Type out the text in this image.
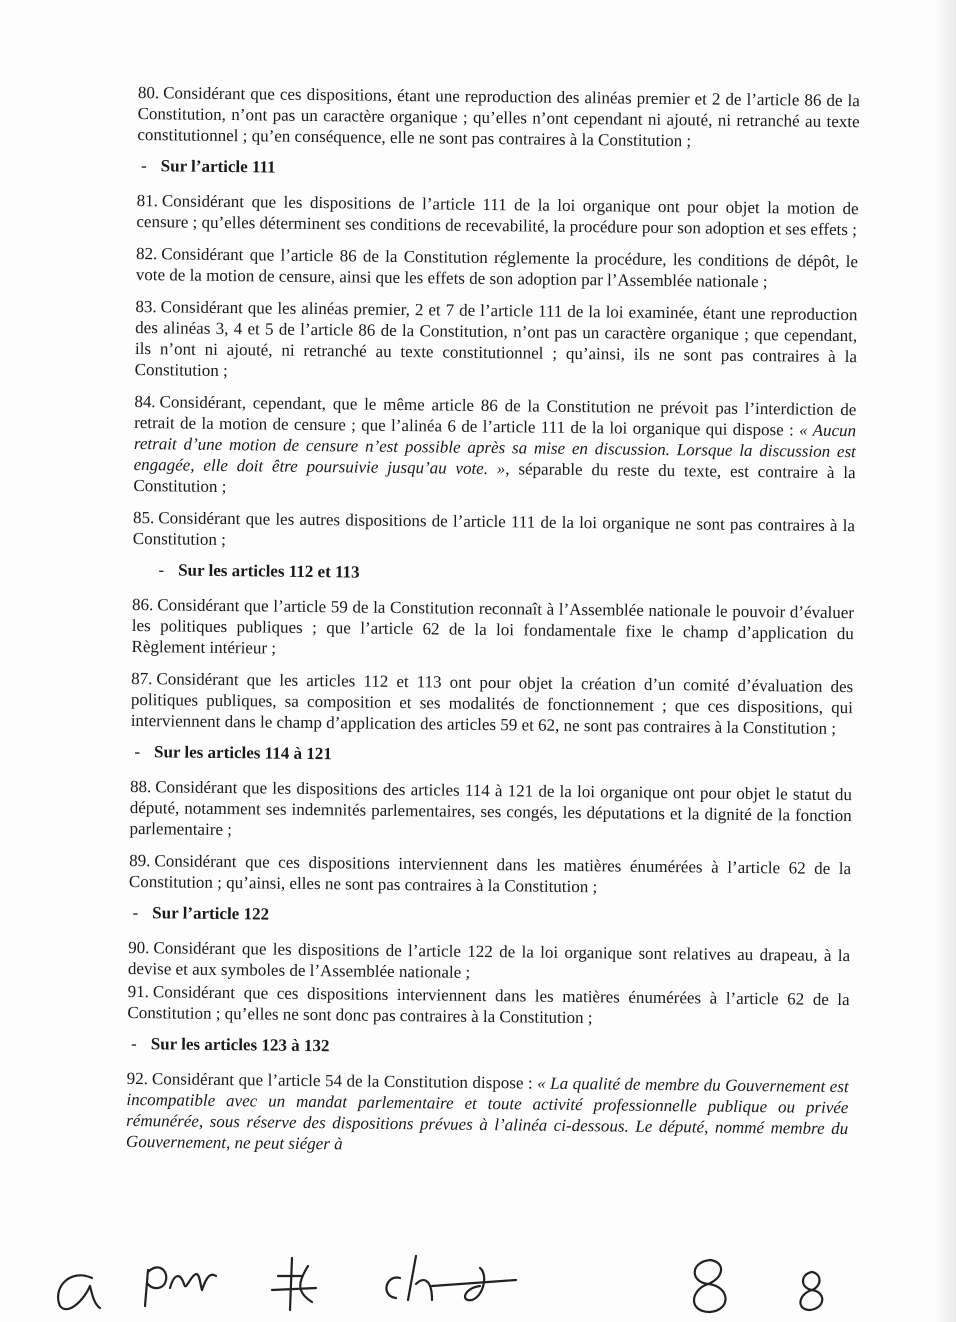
80. Considérant que ces dispositions, étant une reproduction des alinéas premier et 2 de l’article 86 de la Constitution, n’ont pas un caractère organique ; qu’elles n’ont cependant ni ajouté, ni retranché au texte constitutionnel ; qu’en conséquence, elle ne sont pas contraires à la Constitution ;

- Sur l’article 111

81. Considérant que les dispositions de l’article 111 de la loi organique ont pour objet la motion de censure ; qu’elles déterminent ses conditions de recevabilité, la procédure pour son adoption et ses effets ;

82. Considérant que l’article 86 de la Constitution réglemente la procédure, les conditions de dépôt, le vote de la motion de censure, ainsi que les effets de son adoption par l’Assemblée nationale ;

83. Considérant que les alinéas premier, 2 et 7 de l’article 111 de la loi examinée, étant une reproduction des alinéas 3, 4 et 5 de l’article 86 de la Constitution, n’ont pas un caractère organique ; que cependant, ils n’ont ni ajouté, ni retranché au texte constitutionnel ; qu’ainsi, ils ne sont pas contraires à la Constitution ;

84. Considérant, cependant, que le même article 86 de la Constitution ne prévoit pas l’interdiction de retrait de la motion de censure ; que l’alinéa 6 de l’article 111 de la loi organique qui dispose : « Aucun retrait d’une motion de censure n’est possible après sa mise en discussion. Lorsque la discussion est engagée, elle doit être poursuivie jusqu’au vote. », séparable du reste du texte, est contraire à la Constitution ;

85. Considérant que les autres dispositions de l’article 111 de la loi organique ne sont pas contraires à la Constitution ;

- Sur les articles 112 et 113

86. Considérant que l’article 59 de la Constitution reconnaît à l’Assemblée nationale le pouvoir d’évaluer les politiques publiques ; que l’article 62 de la loi fondamentale fixe le champ d’application du Règlement intérieur ;

87. Considérant que les articles 112 et 113 ont pour objet la création d’un comité d’évaluation des politiques publiques, sa composition et ses modalités de fonctionnement ; que ces dispositions, qui interviennent dans le champ d’application des articles 59 et 62, ne sont pas contraires à la Constitution ;

- Sur les articles 114 à 121

88. Considérant que les dispositions des articles 114 à 121 de la loi organique ont pour objet le statut du député, notamment ses indemnités parlementaires, ses congés, les députations et la dignité de la fonction parlementaire ;

89. Considérant que ces dispositions interviennent dans les matières énumérées à l’article 62 de la Constitution ; qu’ainsi, elles ne sont pas contraires à la Constitution ;

- Sur l’article 122

90. Considérant que les dispositions de l’article 122 de la loi organique sont relatives au drapeau, à la devise et aux symboles de l’Assemblée nationale ;

91. Considérant que ces dispositions interviennent dans les matières énumérées à l’article 62 de la Constitution ; qu’elles ne sont donc pas contraires à la Constitution ;

- Sur les articles 123 à 132

92. Considérant que l’article 54 de la Constitution dispose : « La qualité de membre du Gouvernement est incompatible avec un mandat parlementaire et toute activité professionnelle publique ou privée rémunérée, sous réserve des dispositions prévues à l’alinéa ci-dessous. Le député, nommé membre du Gouvernement, ne peut siéger à
